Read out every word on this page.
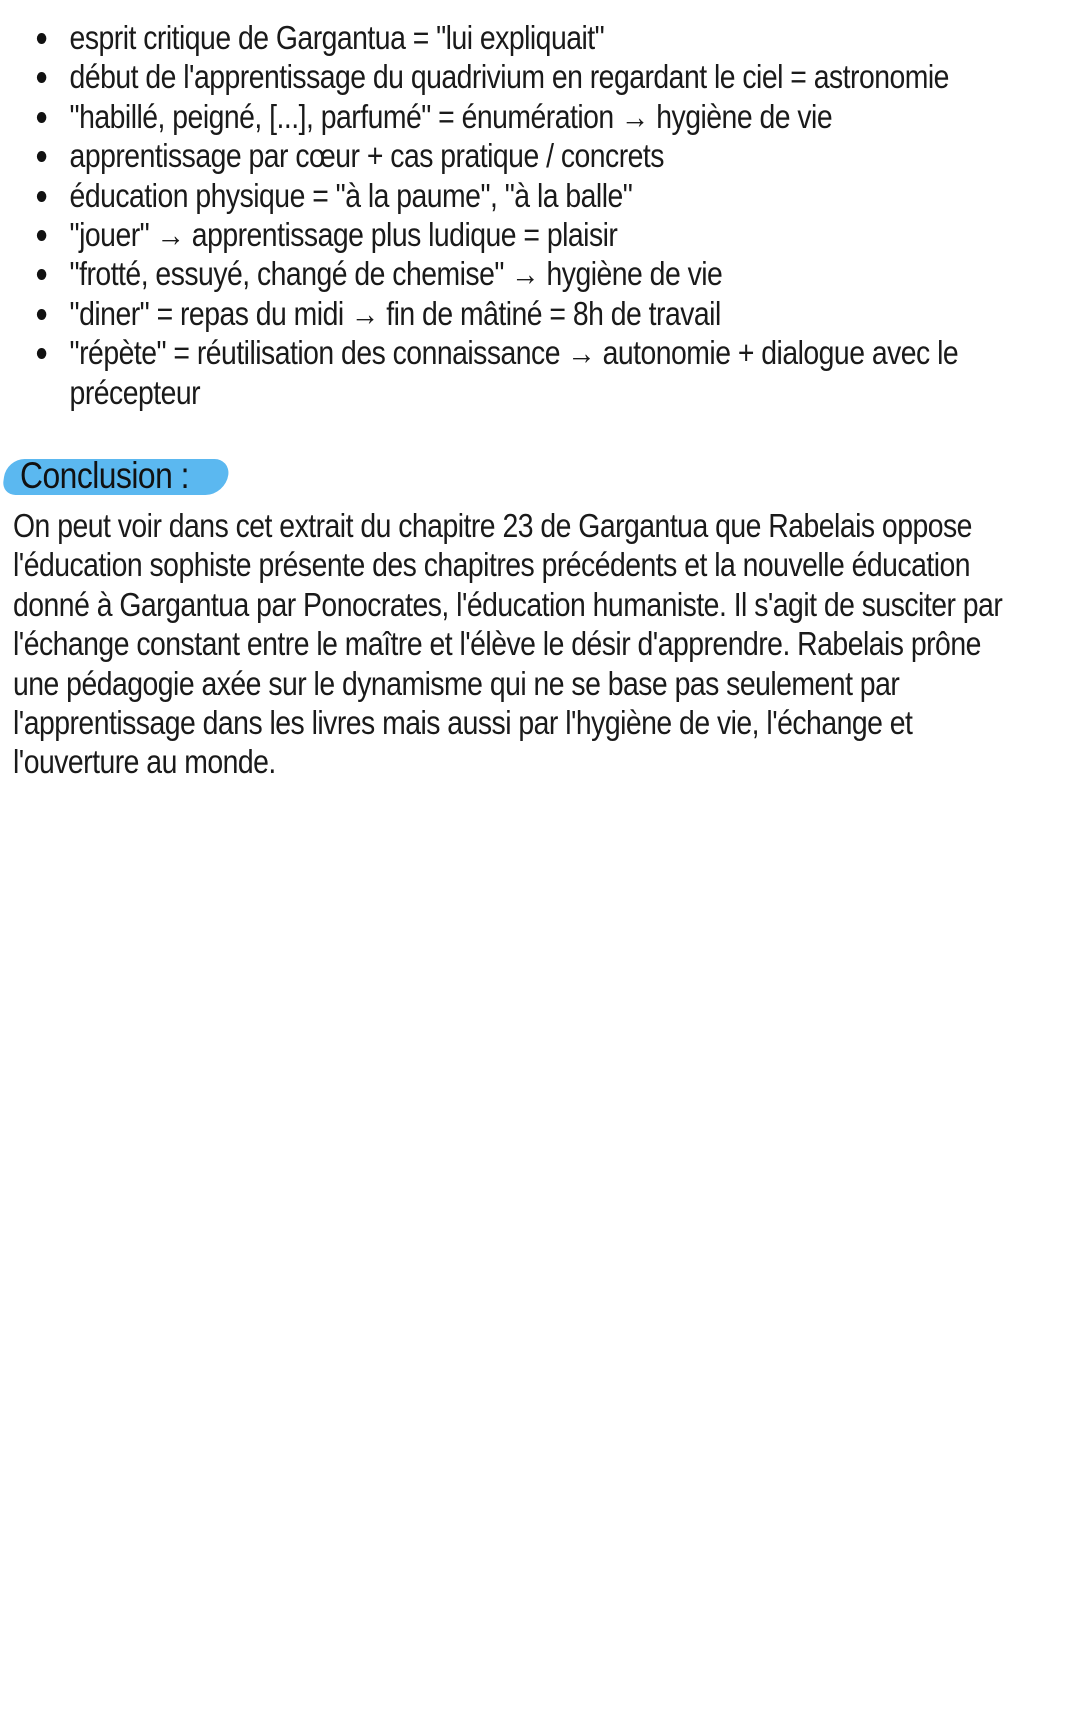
esprit critique de Gargantua = "lui expliquait"
début de l'apprentissage du quadrivium en regardant le ciel = astronomie
"habillé, peigné, [...], parfumé" = énumération → hygiène de vie
apprentissage par cœur + cas pratique / concrets
éducation physique = "à la paume", "à la balle"
"jouer" → apprentissage plus ludique = plaisir
"frotté, essuyé, changé de chemise" → hygiène de vie
"diner" = repas du midi → fin de mâtiné = 8h de travail
"répète" = réutilisation des connaissance → autonomie + dialogue avec le précepteur
Conclusion :

On peut voir dans cet extrait du chapitre 23 de Gargantua que Rabelais oppose
l'éducation sophiste présente des chapitres précédents et la nouvelle éducation
donné à Gargantua par Ponocrates, l'éducation humaniste. Il s'agit de susciter par
l'échange constant entre le maître et l'élève le désir d'apprendre. Rabelais prône
une pédagogie axée sur le dynamisme qui ne se base pas seulement par
l'apprentissage dans les livres mais aussi par l'hygiène de vie, l'échange et
l'ouverture au monde.
